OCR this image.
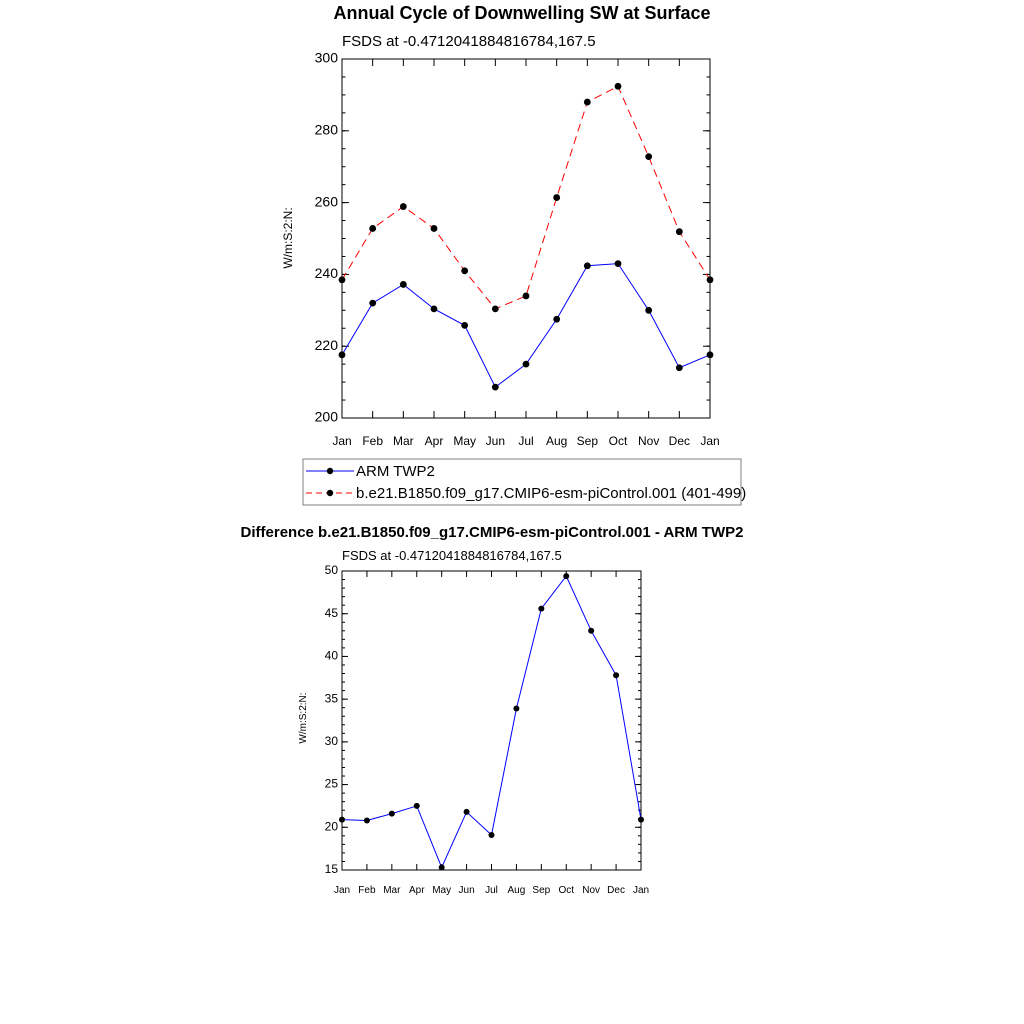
Annual Cycle of Downwelling SW at Surface
FSDS at -0.4712041884816784,167.5
W/m:S:2:N:
200
220
240
260
280
300
Jan Feb Mar Apr May Jun Jul Aug Sep Oct Nov Dec Jan
ARM TWP2
b.e21.B1850.f09_g17.CMIP6-esm-piControl.001 (401-499)
Difference b.e21.B1850.f09_g17.CMIP6-esm-piControl.001 - ARM TWP2
FSDS at -0.4712041884816784,167.5
W/m:S:2:N:
15
20
25
30
35
40
45
50
Jan Feb Mar Apr May Jun Jul Aug Sep Oct Nov Dec Jan
